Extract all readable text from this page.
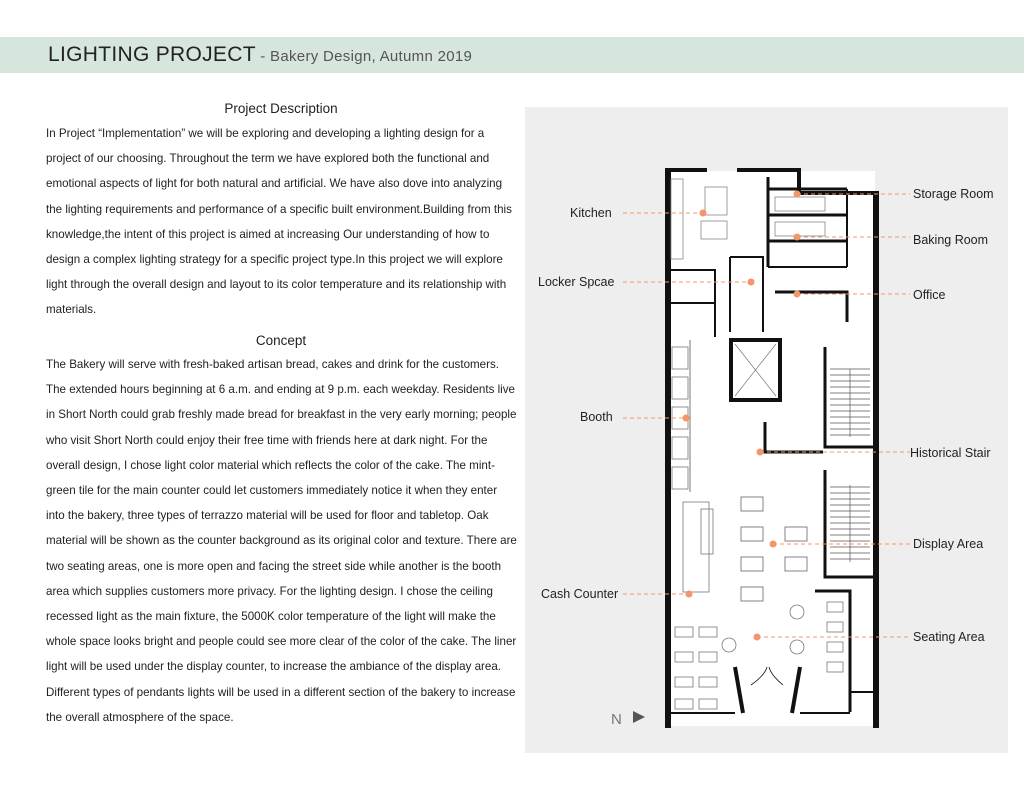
LIGHTING PROJECT - Bakery Design, Autumn 2019
Project Description

In Project “Implementation” we will be exploring and developing a lighting design for a project of our choosing. Throughout the term we have explored both the functional and emotional aspects of light for both natural and artificial. We have also dove into analyzing the lighting requirements and performance of a specific built environment.Building from this knowledge,the intent of this project is aimed at increasing Our understanding of how to design a complex lighting strategy for a specific project type.In this project we will explore light through the overall design and layout to its color temperature and its relationship with materials.

Concept

The Bakery will serve with fresh-baked artisan bread, cakes and drink for the customers. The extended hours beginning at 6 a.m. and ending at 9 p.m. each weekday. Residents live in Short North could grab freshly made bread for breakfast in the very early morning; people who visit Short North could enjoy their free time with friends here at dark night. For the overall design, I chose light color material which reflects the color of the cake. The mint-green tile for the main counter could let customers immediately notice it when they enter into the bakery, three types of terrazzo material will be used for floor and tabletop. Oak material will be shown as the counter background as its original color and texture. There are two seating areas, one is more open and facing the street side while another is the booth area which supplies customers more privacy. For the lighting design. I chose the ceiling recessed light as the main fixture, the 5000K color temperature of the light will make the whole space looks bright and people could see more clear of the color of the cake. The liner light will be used under the display counter, to increase the ambiance of the display area. Different types of pendants lights will be used in a different section of the bakery to increase the overall atmosphere of the space.

Kitchen
Locker Spcae
Booth
Cash Counter
Storage Room
Baking Room
Office
Historical Stair
Display Area
Seating Area
N
